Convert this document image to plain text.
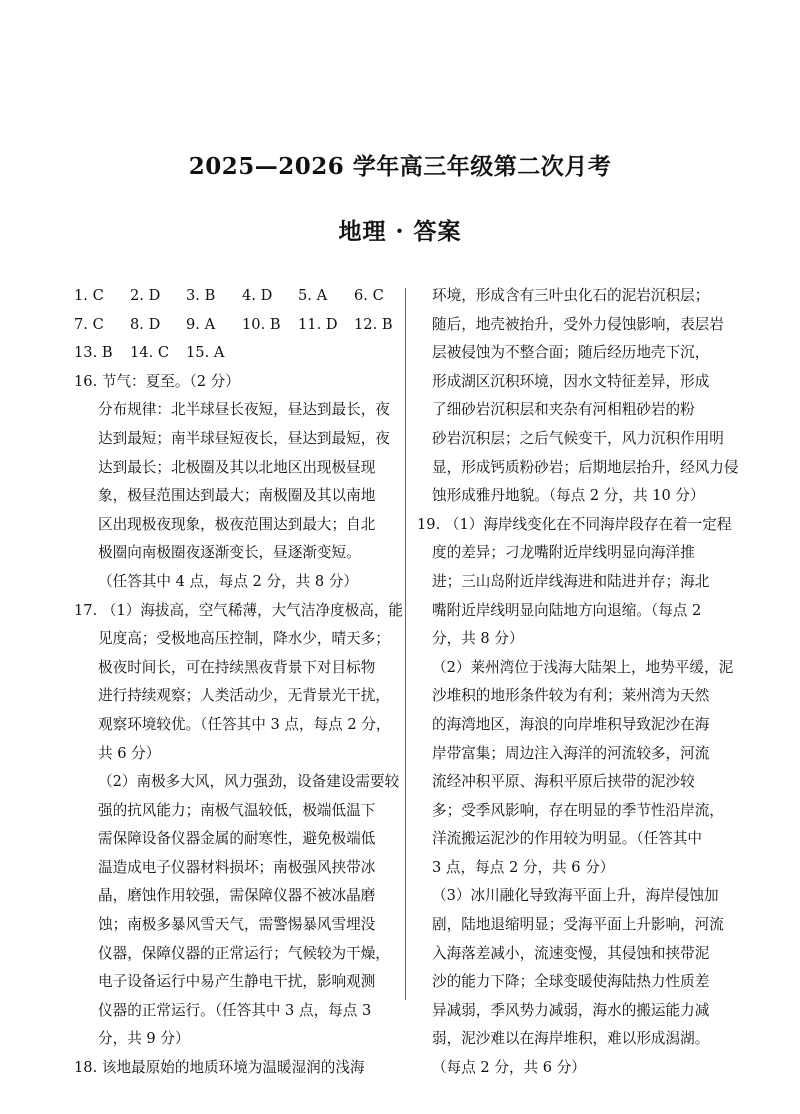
2025—2026 学年高三年级第二次月考
地理 · 答案
1. C 2. D 3. B 4. D 5. A 6. C
7. C 8. D 9. A 10. B 11. D 12. B
13. B 14. C 15. A
16. 节气：夏至。（2 分）
分布规律：北半球昼长夜短，昼达到最长，夜
达到最短；南半球昼短夜长，昼达到最短，夜
达到最长；北极圈及其以北地区出现极昼现
象，极昼范围达到最大；南极圈及其以南地
区出现极夜现象，极夜范围达到最大；自北
极圈向南极圈夜逐渐变长，昼逐渐变短。
（任答其中 4 点，每点 2 分，共 8 分）
17. （1）海拔高，空气稀薄，大气洁净度极高，能
见度高；受极地高压控制，降水少，晴天多；
极夜时间长，可在持续黑夜背景下对目标物
进行持续观察；人类活动少，无背景光干扰，
观察环境较优。（任答其中 3 点，每点 2 分，
共 6 分）
（2）南极多大风，风力强劲，设备建设需要较
强的抗风能力；南极气温较低，极端低温下
需保障设备仪器金属的耐寒性，避免极端低
温造成电子仪器材料损坏；南极强风挟带冰
晶，磨蚀作用较强，需保障仪器不被冰晶磨
蚀；南极多暴风雪天气，需警惕暴风雪埋没
仪器，保障仪器的正常运行；气候较为干燥，
电子设备运行中易产生静电干扰，影响观测
仪器的正常运行。（任答其中 3 点，每点 3
分，共 9 分）
18. 该地最原始的地质环境为温暖湿润的浅海
环境，形成含有三叶虫化石的泥岩沉积层；
随后，地壳被抬升，受外力侵蚀影响，表层岩
层被侵蚀为不整合面；随后经历地壳下沉，
形成湖区沉积环境，因水文特征差异，形成
了细砂岩沉积层和夹杂有河相粗砂岩的粉
砂岩沉积层；之后气候变干，风力沉积作用明
显，形成钙质粉砂岩；后期地层抬升，经风力侵
蚀形成雅丹地貌。（每点 2 分，共 10 分）
19. （1）海岸线变化在不同海岸段存在着一定程
度的差异；刁龙嘴附近岸线明显向海洋推
进；三山岛附近岸线海进和陆进并存；海北
嘴附近岸线明显向陆地方向退缩。（每点 2
分，共 8 分）
（2）莱州湾位于浅海大陆架上，地势平缓，泥
沙堆积的地形条件较为有利；莱州湾为天然
的海湾地区，海浪的向岸堆积导致泥沙在海
岸带富集；周边注入海洋的河流较多，河流
流经冲积平原、海积平原后挟带的泥沙较
多；受季风影响，存在明显的季节性沿岸流，
洋流搬运泥沙的作用较为明显。（任答其中
3 点，每点 2 分，共 6 分）
（3）冰川融化导致海平面上升，海岸侵蚀加
剧，陆地退缩明显；受海平面上升影响，河流
入海落差减小，流速变慢，其侵蚀和挟带泥
沙的能力下降；全球变暖使海陆热力性质差
异减弱，季风势力减弱，海水的搬运能力减
弱，泥沙难以在海岸堆积，难以形成潟湖。
（每点 2 分，共 6 分）
